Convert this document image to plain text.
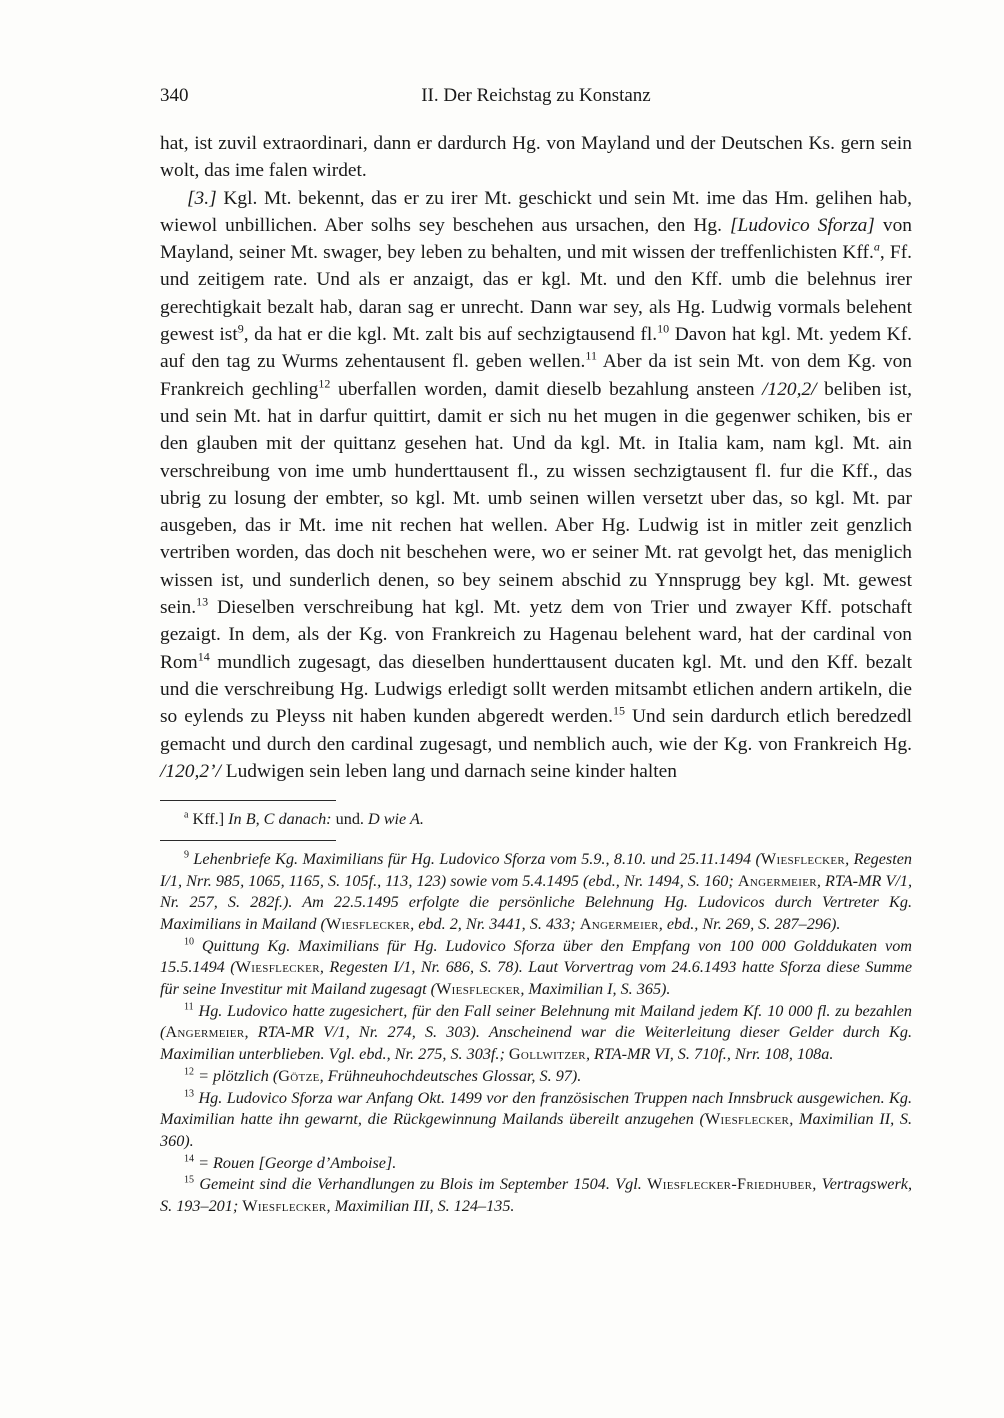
340	II. Der Reichstag zu Konstanz

hat, ist zuvil extraordinari, dann er dardurch Hg. von Mayland und der Deutschen Ks. gern sein wolt, das ime falen wirdet.

[3.] Kgl. Mt. bekennt, das er zu irer Mt. geschickt und sein Mt. ime das Hm. gelihen hab, wiewol unbillichen. Aber solhs sey beschehen aus ursachen, den Hg. [Ludovico Sforza] von Mayland, seiner Mt. swager, bey leben zu behalten, und mit wissen der treffenlichisten Kff.$^a$, Ff. und zeitigem rate. Und als er anzaigt, das er kgl. Mt. und den Kff. umb die belehnus irer gerechtigkait bezalt hab, daran sag er unrecht. Dann war sey, als Hg. Ludwig vormals belehent gewest ist$^9$, da hat er die kgl. Mt. zalt bis auf sechzigtausend fl.$^{10}$ Davon hat kgl. Mt. yedem Kf. auf den tag zu Wurms zehentausent fl. geben wellen.$^{11}$ Aber da ist sein Mt. von dem Kg. von Frankreich gechling$^{12}$ uberfallen worden, damit dieselb bezahlung ansteen /120,2/ beliben ist, und sein Mt. hat in darfur quittirt, damit er sich nu het mugen in die gegenwer schiken, bis er den glauben mit der quittanz gesehen hat. Und da kgl. Mt. in Italia kam, nam kgl. Mt. ain verschreibung von ime umb hunderttausent fl., zu wissen sechzigtausent fl. fur die Kff., das ubrig zu losung der embter, so kgl. Mt. umb seinen willen versetzt uber das, so kgl. Mt. par ausgeben, das ir Mt. ime nit rechen hat wellen. Aber Hg. Ludwig ist in mitler zeit genzlich vertriben worden, das doch nit beschehen were, wo er seiner Mt. rat gevolgt het, das meniglich wissen ist, und sunderlich denen, so bey seinem abschid zu Ynnsprugg bey kgl. Mt. gewest sein.$^{13}$ Dieselben verschreibung hat kgl. Mt. yetz dem von Trier und zwayer Kff. potschaft gezaigt. In dem, als der Kg. von Frankreich zu Hagenau belehent ward, hat der cardinal von Rom$^{14}$ mundlich zugesagt, das dieselben hunderttausent ducaten kgl. Mt. und den Kff. bezalt und die verschreibung Hg. Ludwigs erledigt sollt werden mitsambt etlichen andern artikeln, die so eylends zu Pleyss nit haben kunden abgeredt werden.$^{15}$ Und sein dardurch etlich beredzedl gemacht und durch den cardinal zugesagt, und nemblich auch, wie der Kg. von Frankreich Hg. /120,2’/ Ludwigen sein leben lang und darnach seine kinder halten

$^a$ Kff.] In B, C danach: und. D wie A.

$^9$ Lehenbriefe Kg. Maximilians für Hg. Ludovico Sforza vom 5.9., 8.10. und 25.11.1494 (Wiesflecker, Regesten I/1, Nrr. 985, 1065, 1165, S. 105f., 113, 123) sowie vom 5.4.1495 (ebd., Nr. 1494, S. 160; Angermeier, RTA-MR V/1, Nr. 257, S. 282f.). Am 22.5.1495 erfolgte die persönliche Belehnung Hg. Ludovicos durch Vertreter Kg. Maximilians in Mailand (Wiesflecker, ebd. 2, Nr. 3441, S. 433; Angermeier, ebd., Nr. 269, S. 287–296).

$^{10}$ Quittung Kg. Maximilians für Hg. Ludovico Sforza über den Empfang von 100 000 Golddukaten vom 15.5.1494 (Wiesflecker, Regesten I/1, Nr. 686, S. 78). Laut Vorvertrag vom 24.6.1493 hatte Sforza diese Summe für seine Investitur mit Mailand zugesagt (Wiesflecker, Maximilian I, S. 365).

$^{11}$ Hg. Ludovico hatte zugesichert, für den Fall seiner Belehnung mit Mailand jedem Kf. 10 000 fl. zu bezahlen (Angermeier, RTA-MR V/1, Nr. 274, S. 303). Anscheinend war die Weiterleitung dieser Gelder durch Kg. Maximilian unterblieben. Vgl. ebd., Nr. 275, S. 303f.; Gollwitzer, RTA-MR VI, S. 710f., Nrr. 108, 108a.

$^{12}$ = plötzlich (Götze, Frühneuhochdeutsches Glossar, S. 97).

$^{13}$ Hg. Ludovico Sforza war Anfang Okt. 1499 vor den französischen Truppen nach Innsbruck ausgewichen. Kg. Maximilian hatte ihn gewarnt, die Rückgewinnung Mailands übereilt anzugehen (Wiesflecker, Maximilian II, S. 360).

$^{14}$ = Rouen [George d’Amboise].

$^{15}$ Gemeint sind die Verhandlungen zu Blois im September 1504. Vgl. Wiesflecker-Friedhuber, Vertragswerk, S. 193–201; Wiesflecker, Maximilian III, S. 124–135.
